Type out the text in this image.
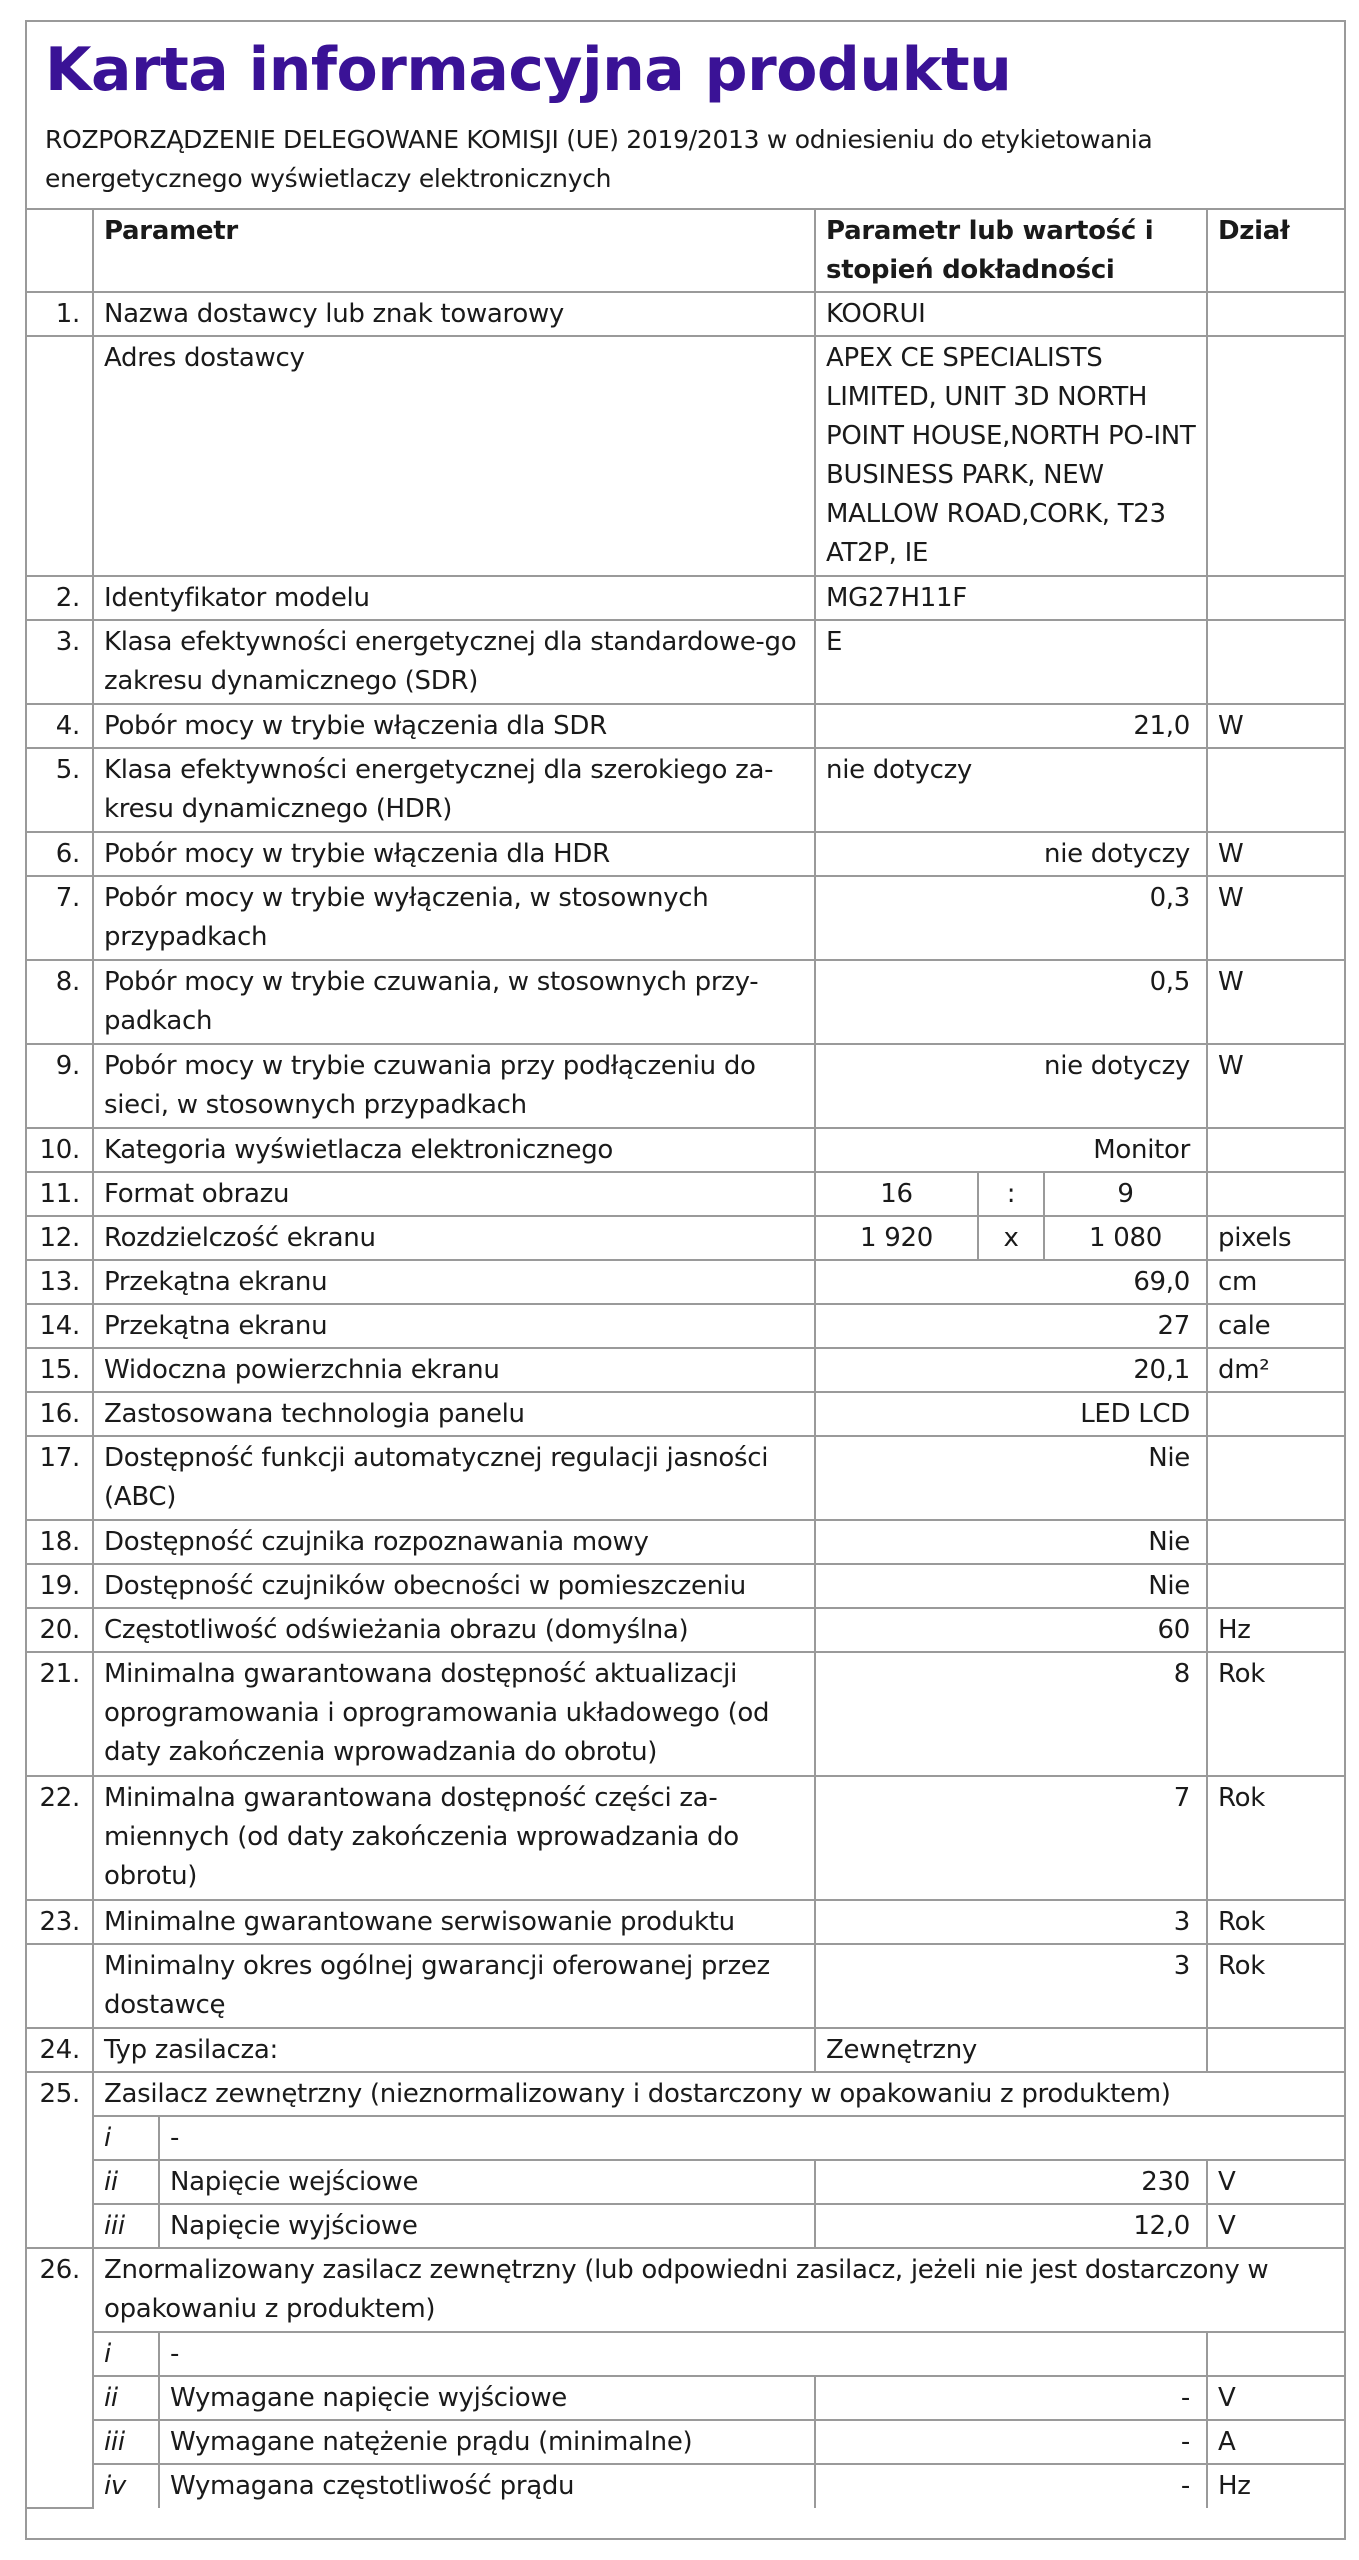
Karta informacyjna produktu

ROZPORZĄDZENIE DELEGOWANE KOMISJI (UE) 2019/2013 w odniesieniu do etykietowania energetycznego wyświetlaczy elektronicznych

	Parametr		Parametr lub wartość i stopień dokładności			Dział
1.	Nazwa dostawcy lub znak towarowy		KOORUI			
	Adres dostawcy		APEX CE SPECIALISTS LIMITED, UNIT 3D NORTH POINT HOUSE,NORTH PO-INT BUSINESS PARK, NEW MALLOW ROAD,CORK, T23 AT2P, IE			
2.	Identyfikator modelu		MG27H11F			
3.	Klasa efektywności energetycznej dla standardowe-go zakresu dynamicznego (SDR)		E			
4.	Pobór mocy w trybie włączenia dla SDR		21,0			W
5.	Klasa efektywności energetycznej dla szerokiego za-kresu dynamicznego (HDR)		nie dotyczy			
6.	Pobór mocy w trybie włączenia dla HDR		nie dotyczy			W
7.	Pobór mocy w trybie wyłączenia, w stosownych przypadkach		0,3			W
8.	Pobór mocy w trybie czuwania, w stosownych przy-padkach		0,5			W
9.	Pobór mocy w trybie czuwania przy podłączeniu do sieci, w stosownych przypadkach		nie dotyczy			W
10.	Kategoria wyświetlacza elektronicznego		Monitor			
11.	Format obrazu		16	:	9	
12.	Rozdzielczość ekranu		1 920	x	1 080	pixels
13.	Przekątna ekranu		69,0			cm
14.	Przekątna ekranu		27			cale
15.	Widoczna powierzchnia ekranu		20,1			dm²
16.	Zastosowana technologia panelu		LED LCD			
17.	Dostępność funkcji automatycznej regulacji jasności (ABC)		Nie			
18.	Dostępność czujnika rozpoznawania mowy		Nie			
19.	Dostępność czujników obecności w pomieszczeniu		Nie			
20.	Częstotliwość odświeżania obrazu (domyślna)		60			Hz
21.	Minimalna gwarantowana dostępność aktualizacji oprogramowania i oprogramowania układowego (od daty zakończenia wprowadzania do obrotu)		8			Rok
22.	Minimalna gwarantowana dostępność części za-miennych (od daty zakończenia wprowadzania do obrotu)		7			Rok
23.	Minimalne gwarantowane serwisowanie produktu		3			Rok
	Minimalny okres ogólnej gwarancji oferowanej przez dostawcę		3			Rok
24.	Typ zasilacza:		Zewnętrzny			
25.	Zasilacz zewnętrzny (nieznormalizowany i dostarczony w opakowaniu z produktem)					
	i	-				
	ii	Napięcie wejściowe	230			V
	iii	Napięcie wyjściowe	12,0			V
26.	Znormalizowany zasilacz zewnętrzny (lub odpowiedni zasilacz, jeżeli nie jest dostarczony w opakowaniu z produktem)					
	i	-				
	ii	Wymagane napięcie wyjściowe	-			V
	iii	Wymagane natężenie prądu (minimalne)	-			A
	iv	Wymagana częstotliwość prądu	-			Hz
